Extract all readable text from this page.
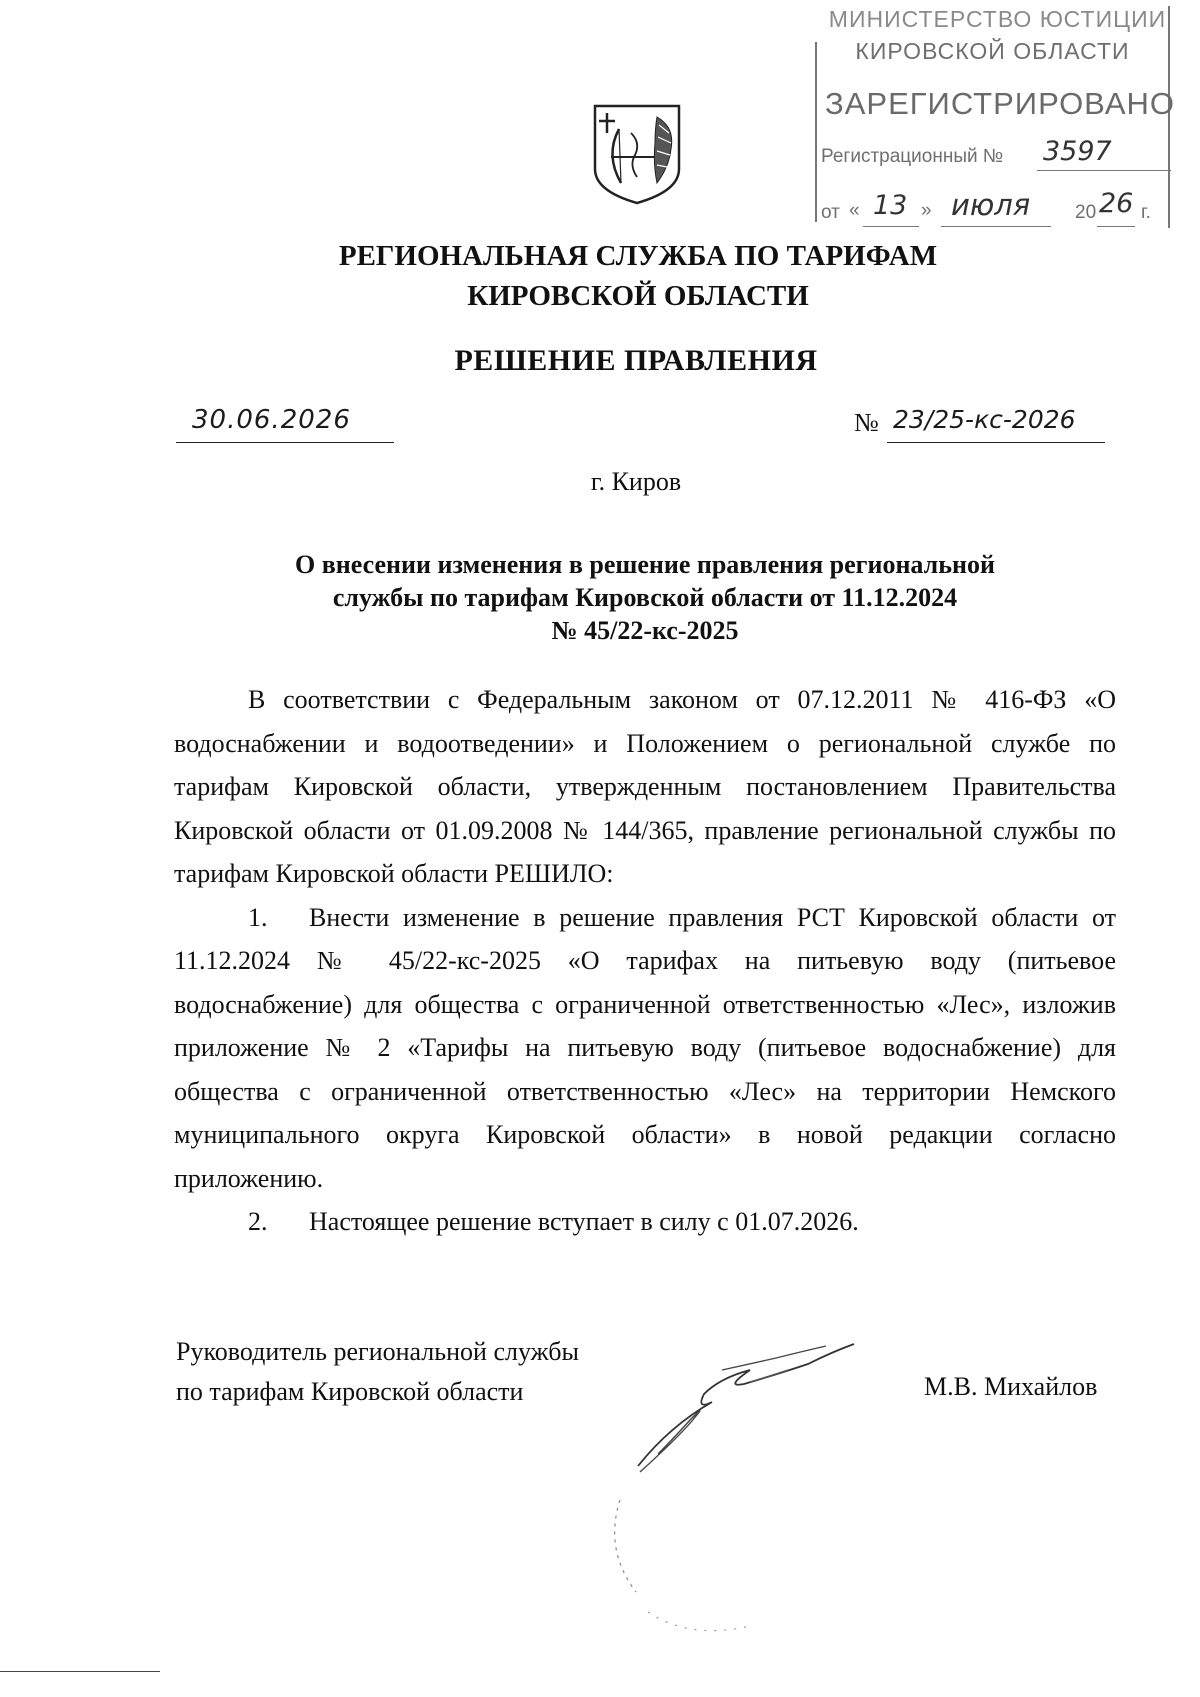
МИНИСТЕРСТВО ЮСТИЦИИ
КИРОВСКОЙ ОБЛАСТИ
ЗАРЕГИСТРИРОВАНО
Регистрационный № 3597
от « 13 » июля 20 26 г.
РЕГИОНАЛЬНАЯ СЛУЖБА ПО ТАРИФАМ
КИРОВСКОЙ ОБЛАСТИ
РЕШЕНИЕ ПРАВЛЕНИЯ
30.06.2026	№ 23/25-кс-2026
г. Киров
О внесении изменения в решение правления региональной
службы по тарифам Кировской области от 11.12.2024
№ 45/22-кс-2025

В соответствии с Федеральным законом от 07.12.2011 № 416-ФЗ «О водоснабжении и водоотведении» и Положением о региональной службе по тарифам Кировской области, утвержденным постановлением Правительства Кировской области от 01.09.2008 № 144/365, правление региональной службы по тарифам Кировской области РЕШИЛО:

1. Внести изменение в решение правления РСТ Кировской области от 11.12.2024 № 45/22-кс-2025 «О тарифах на питьевую воду (питьевое водоснабжение) для общества с ограниченной ответственностью «Лес», изложив приложение № 2 «Тарифы на питьевую воду (питьевое водоснабжение) для общества с ограниченной ответственностью «Лес» на территории Немского муниципального округа Кировской области» в новой редакции согласно приложению.

2. Настоящее решение вступает в силу с 01.07.2026.

Руководитель региональной службы
по тарифам Кировской области	М.В. Михайлов
